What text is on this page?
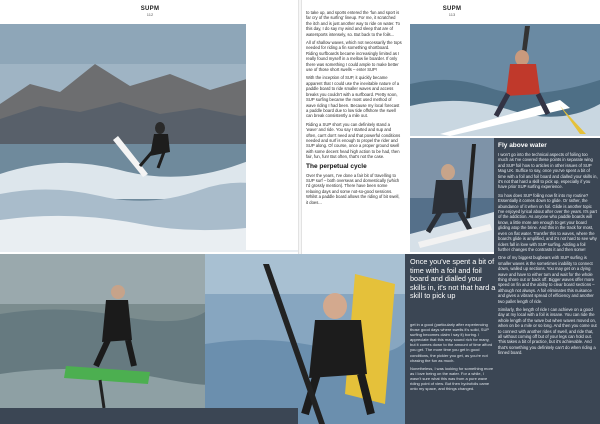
SUPM
112
SUPM
113

to take up, and sports entered the 'fun and sport is far cry of the surfing' lineup. For me, it scratched the itch and is just another way to ride on water. To this day, I do say my wind and sleep that are of watersports intensely, so. But back to the foils...

All of shallow waves, which not necessarily the tops needed for riding a fin something shortboard. Riding surfboards became increasingly limited as I really found myself in a mellow lie boarder. If only there was something I could ample to make better use of those short swells – enter SUP!

With the inception of SUP, it quickly became apparent that I could use the inevitable nature of a paddle board to ride smaller waves and access breaks you couldn't with a surfboard. Pretty soon, SUP surfing became the most used method of wave riding I had been. Because my local forecast a paddle board due to low tide offshore the swell can break consistently a mile out.

Riding a SUP short you can definitely stand a 'wave' and ride. You say I started and sup and often, can't don't need and that powerful conditions needed and surf is enough to propel the rider and SUP along. Of course, once a proper ground swell with some decent head high action to be had, then fair, fun, fun! But often, that's not the case.

The perpetual cycle

Over the years, I've done a fair bit of travelling to SUP surf – both overseas and domestically (which I'd grossly mention). There have been some relaxing days and some not-so-good sessions. Whilst a paddle board allows the riding of bit swell, it does...

Fly above water

I won't go into the technical aspects of foiling too much as I've covered these points in separate wing and SUP foil how to articles in other issues of SUP Mag UK. Suffice to say, once you've spent a bit of time with a foil and foil board and dialled your skills in, it's not that hard a skill to pick up, especially if you have prior SUP surfing experience.

So how does SUP foiling now fit into my routine? Essentially it comes down to glide. Or rather, the abundance of it when on foil. Glide is another topic I've enjoyed lyrical about after over the years. It's part of the addiction. As anyone who paddle boards will know, a little more are enough to get your board gliding atop the brine. And this in the track for most, even on flat water. Transfer this to waves, where the board's glide is amplified, and it's not hard to see why riders fall in love with SUP surfing. Adding a foil further changes the contrasts it and then some!

One of my biggest bugbears with SUP surfing is smaller waves is the sometimes inability to connect down, walled up sections. You may get on a dying wave and have to either turn and wait for the whole thing shore out or back off. Bigger waves offer more speed on fin and the ability to clear board sections – although not always. A foil eliminates this nuisance and gives a vibrant spread of efficiency and another two pallet length of ride.

Similarly, the length of ride I can achieve on a good day at my local with a foil is insane. You can ride the whole length of the wave but when waves moved on, when on be a mile or so long. And then you come out to connect with another rides of swell, and ride that, all without coming off but of your legs can hold out. This takes a bit of practice, but it's achievable. And that's something you definitely can't do when riding a finned board.

Once you've spent a bit of time with a foil and foil board and dialled your skills in, it's not that hard a skill to pick up

get in a good (particularly after experiencing those good days where swells it's solid, SUP surfing becomes claim I say it) boring. I appreciate that this may sound rich for many, but it comes down to the amount of time afford you get. The more time you get in good conditions, the pickier you get, as you're not chasing the fun as much.

Nonetheless, I was looking for something more as I love being on the water. For a while, I wasn't sure what this was from a pure wave riding point of view. But then hydrofoils came onto my space, and things changed.
